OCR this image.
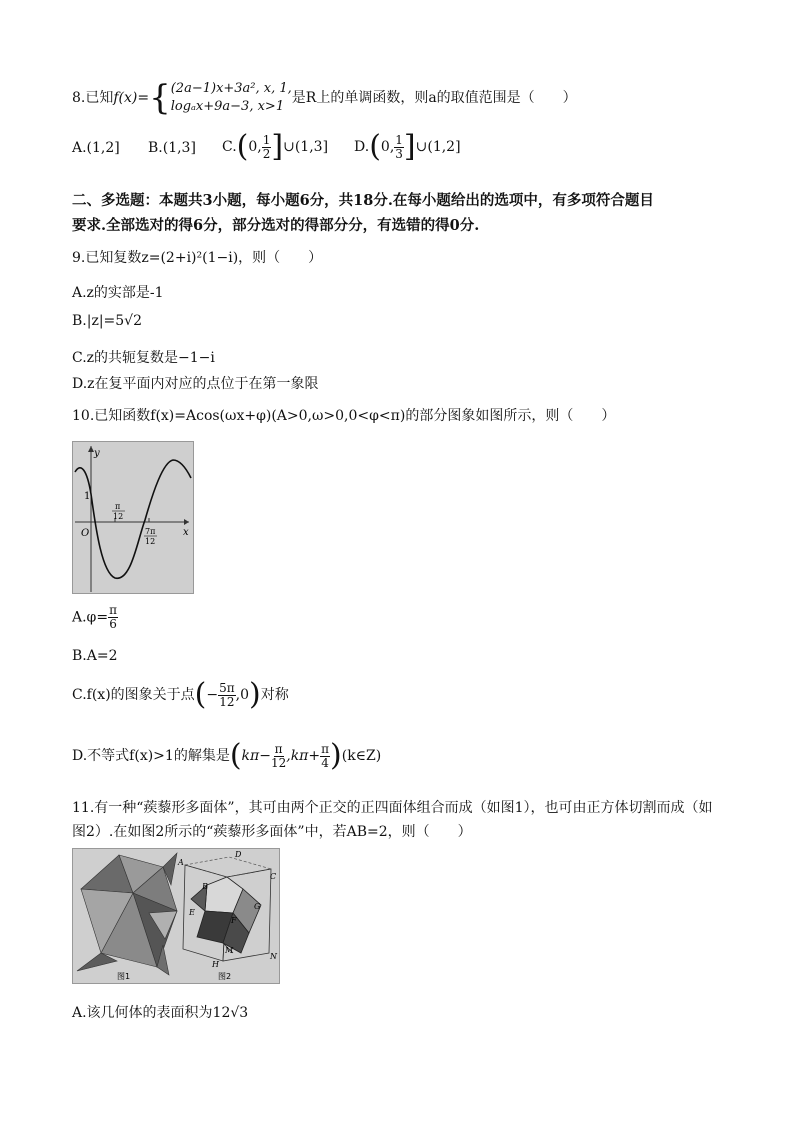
8.已知f(x)={ (2a−1)x+3a², x, 1,
logₐx+9a−3, x>1
是R上的单调函数，则a的取值范围是（　　）
A.(1,2] B.(1,3] C.(0, $\frac{1}{2}$ ]∪(1,3] D.(0, $\frac{1}{3}$ ]∪(1,2]
二、多选题：本题共3小题，每小题6分，共18分.在每小题给出的选项中，有多项符合题目
要求.全部选对的得6分，部分选对的得部分分，有选错的得0分.
9.已知复数z=(2+i)²(1−i)，则（　　）
A.z的实部是-1
B.|z|=5√2
C.z的共轭复数是−1−i
D.z在复平面内对应的点位于在第一象限
10.已知函数f(x)=Acos(ωx+φ)(A>0,ω>0,0<φ<π)的部分图象如图所示，则（　　）
y
x
O
1
π
12
7π
12
$A.\varphi= \frac{\pi}{6}$
B.A=2
C.f(x)的图象关于点(− $\frac{5\pi}{12} ,0$)对称
D.不等式f(x)>1的解集是($k\pi- \frac{\pi}{12} ,k\pi+ \frac{\pi}{4}$ )(k∈Z)
11.有一种“蒺藜形多面体”，其可由两个正交的正四面体组合而成（如图1），也可由正方体切割而成（如
图2）.在如图2所示的“蒺藜形多面体”中，若AB=2，则（　　）
图1
A
B
C
D
E
F
G
H
M
N
图2
A.该几何体的表面积为12√3
